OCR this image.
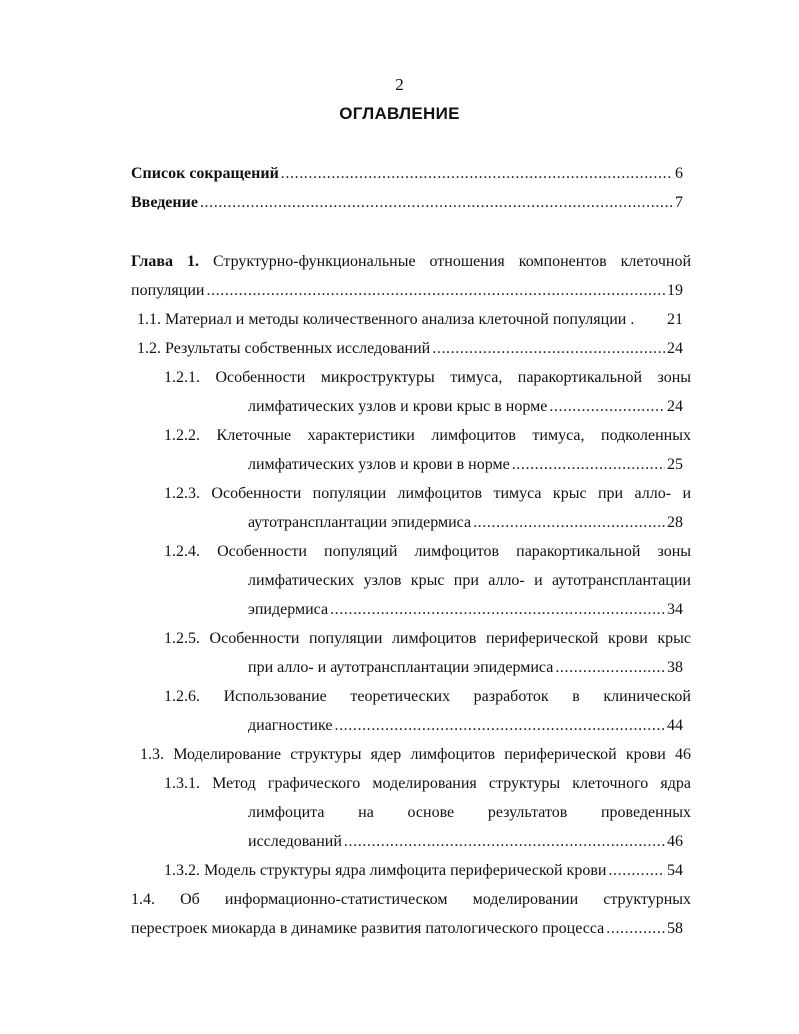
2
ОГЛАВЛЕНИЕ
Список сокращений .....	6
Введение .....	7
Глава 1. Структурно-функциональные отношения компонентов клеточной
популяции .....	19
1.1. Материал и методы количественного анализа клеточной популяции . 21
1.2. Результаты собственных исследований .....	24
1.2.1. Особенности микроструктуры тимуса, паракортикальной зоны
лимфатических узлов и крови крыс в норме .....	24
1.2.2. Клеточные характеристики лимфоцитов тимуса, подколенных
лимфатических узлов и крови в норме .....	25
1.2.3. Особенности популяции лимфоцитов тимуса крыс при алло- и
аутотрансплантации эпидермиса .....	28
1.2.4. Особенности популяций лимфоцитов паракортикальной зоны
лимфатических узлов крыс при алло- и аутотрансплантации
эпидермиса .....	34
1.2.5. Особенности популяции лимфоцитов периферической крови крыс
при алло- и аутотрансплантации эпидермиса .....	38
1.2.6. Использование теоретических разработок в клинической
диагностике .....	44
1.3. Моделирование структуры ядер лимфоцитов периферической крови 46
1.3.1. Метод графического моделирования структуры клеточного ядра
лимфоцита на основе результатов проведенных
исследований .....	46
1.3.2. Модель структуры ядра лимфоцита периферической крови .....	54
1.4. Об информационно-статистическом моделировании структурных
перестроек миокарда в динамике развития патологического процесса .....	58
